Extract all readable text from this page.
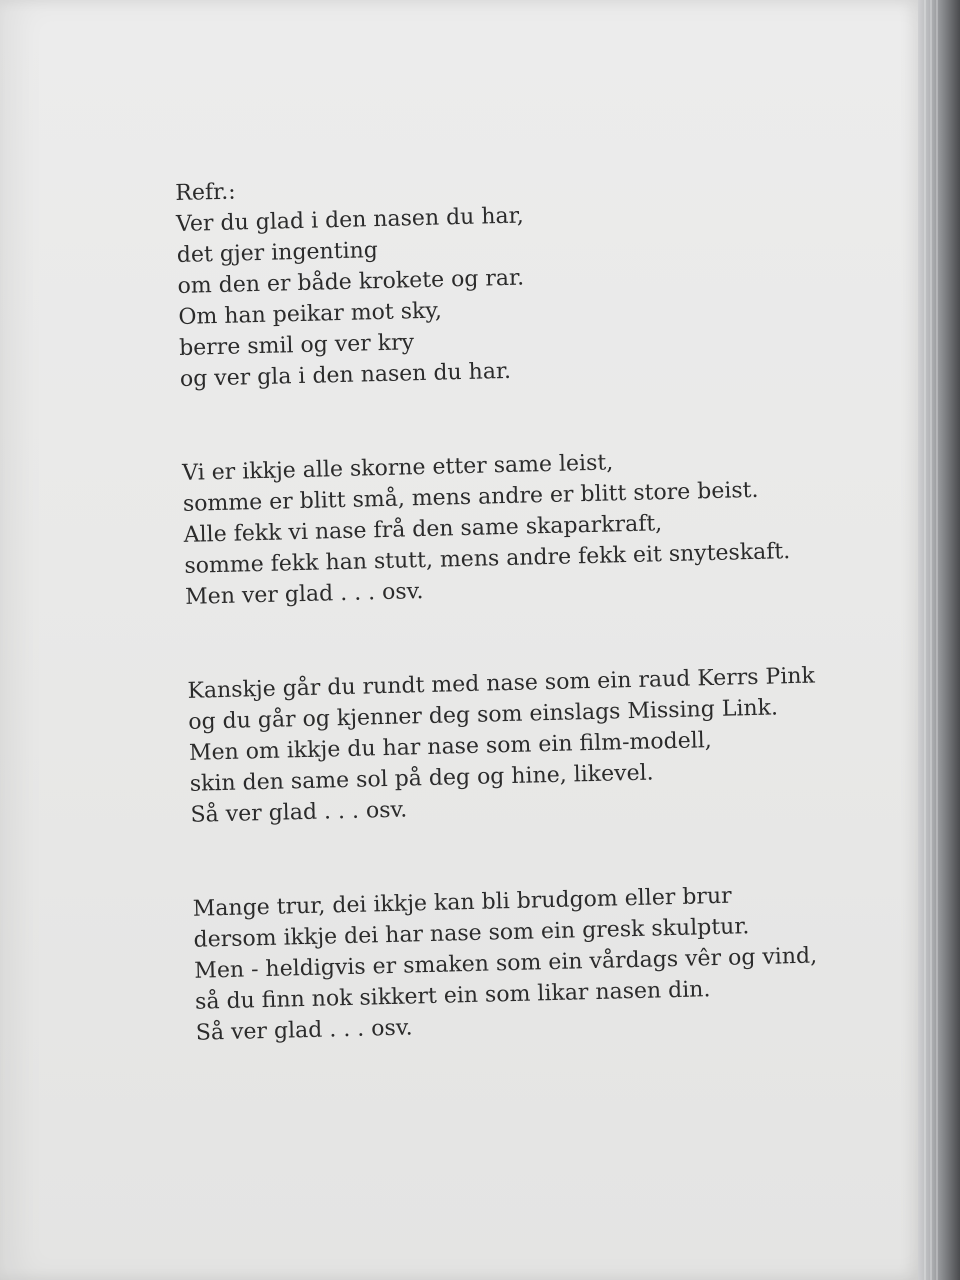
Refr.:
Ver du glad i den nasen du har,
det gjer ingenting
om den er både krokete og rar.
Om han peikar mot sky,
berre smil og ver kry
og ver gla i den nasen du har.
Vi er ikkje alle skorne etter same leist,
somme er blitt små, mens andre er blitt store beist.
Alle fekk vi nase frå den same skaparkraft,
somme fekk han stutt, mens andre fekk eit snyteskaft.
Men ver glad . . . osv.
Kanskje går du rundt med nase som ein raud Kerrs Pink
og du går og kjenner deg som einslags Missing Link.
Men om ikkje du har nase som ein film-modell,
skin den same sol på deg og hine, likevel.
Så ver glad . . . osv.
Mange trur, dei ikkje kan bli brudgom eller brur
dersom ikkje dei har nase som ein gresk skulptur.
Men - heldigvis er smaken som ein vårdags vêr og vind,
så du finn nok sikkert ein som likar nasen din.
Så ver glad . . . osv.
